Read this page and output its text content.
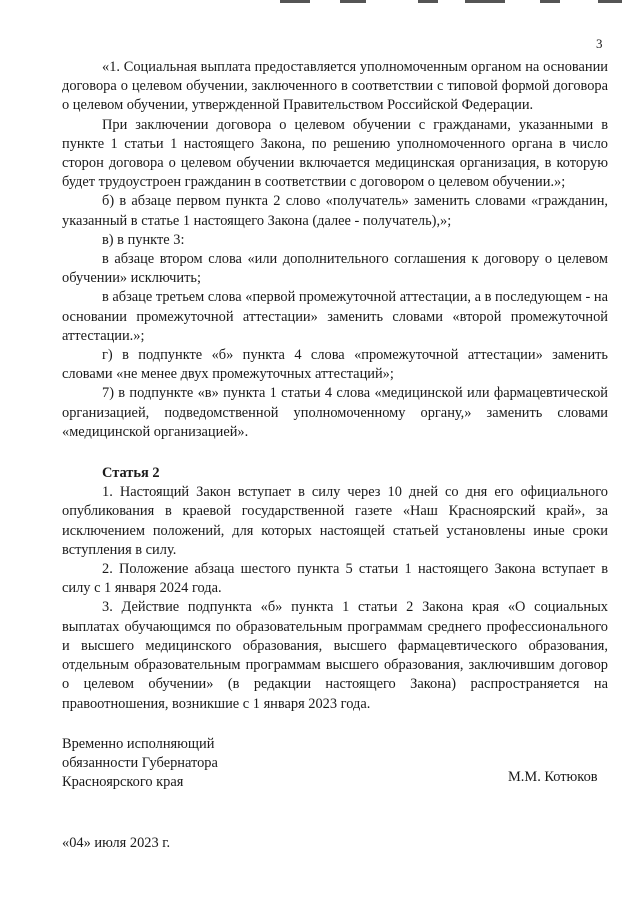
3

«1. Социальная выплата предоставляется уполномоченным органом на основании договора о целевом обучении, заключенного в соответствии с типовой формой договора о целевом обучении, утвержденной Правительством Российской Федерации.

При заключении договора о целевом обучении с гражданами, указанными в пункте 1 статьи 1 настоящего Закона, по решению уполномоченного органа в число сторон договора о целевом обучении включается медицинская организация, в которую будет трудоустроен гражданин в соответствии с договором о целевом обучении.»;

б) в абзаце первом пункта 2 слово «получатель» заменить словами «гражданин, указанный в статье 1 настоящего Закона (далее - получатель),»;

в) в пункте 3:

в абзаце втором слова «или дополнительного соглашения к договору о целевом обучении» исключить;

в абзаце третьем слова «первой промежуточной аттестации, а в последующем - на основании промежуточной аттестации» заменить словами «второй промежуточной аттестации.»;

г) в подпункте «б» пункта 4 слова «промежуточной аттестации» заменить словами «не менее двух промежуточных аттестаций»;

7) в подпункте «в» пункта 1 статьи 4 слова «медицинской или фармацевтической организацией, подведомственной уполномоченному органу,» заменить словами «медицинской организацией».

Статья 2

1. Настоящий Закон вступает в силу через 10 дней со дня его официального опубликования в краевой государственной газете «Наш Красноярский край», за исключением положений, для которых настоящей статьей установлены иные сроки вступления в силу.

2. Положение абзаца шестого пункта 5 статьи 1 настоящего Закона вступает в силу с 1 января 2024 года.

3. Действие подпункта «б» пункта 1 статьи 2 Закона края «О социальных выплатах обучающимся по образовательным программам среднего профессионального и высшего медицинского образования, высшего фармацевтического образования, отдельным образовательным программам высшего образования, заключившим договор о целевом обучении» (в редакции настоящего Закона) распространяется на правоотношения, возникшие с 1 января 2023 года.

Временно исполняющий
обязанности Губернатора
Красноярского края	М.М. Котюков
«04» июля 2023 г.
